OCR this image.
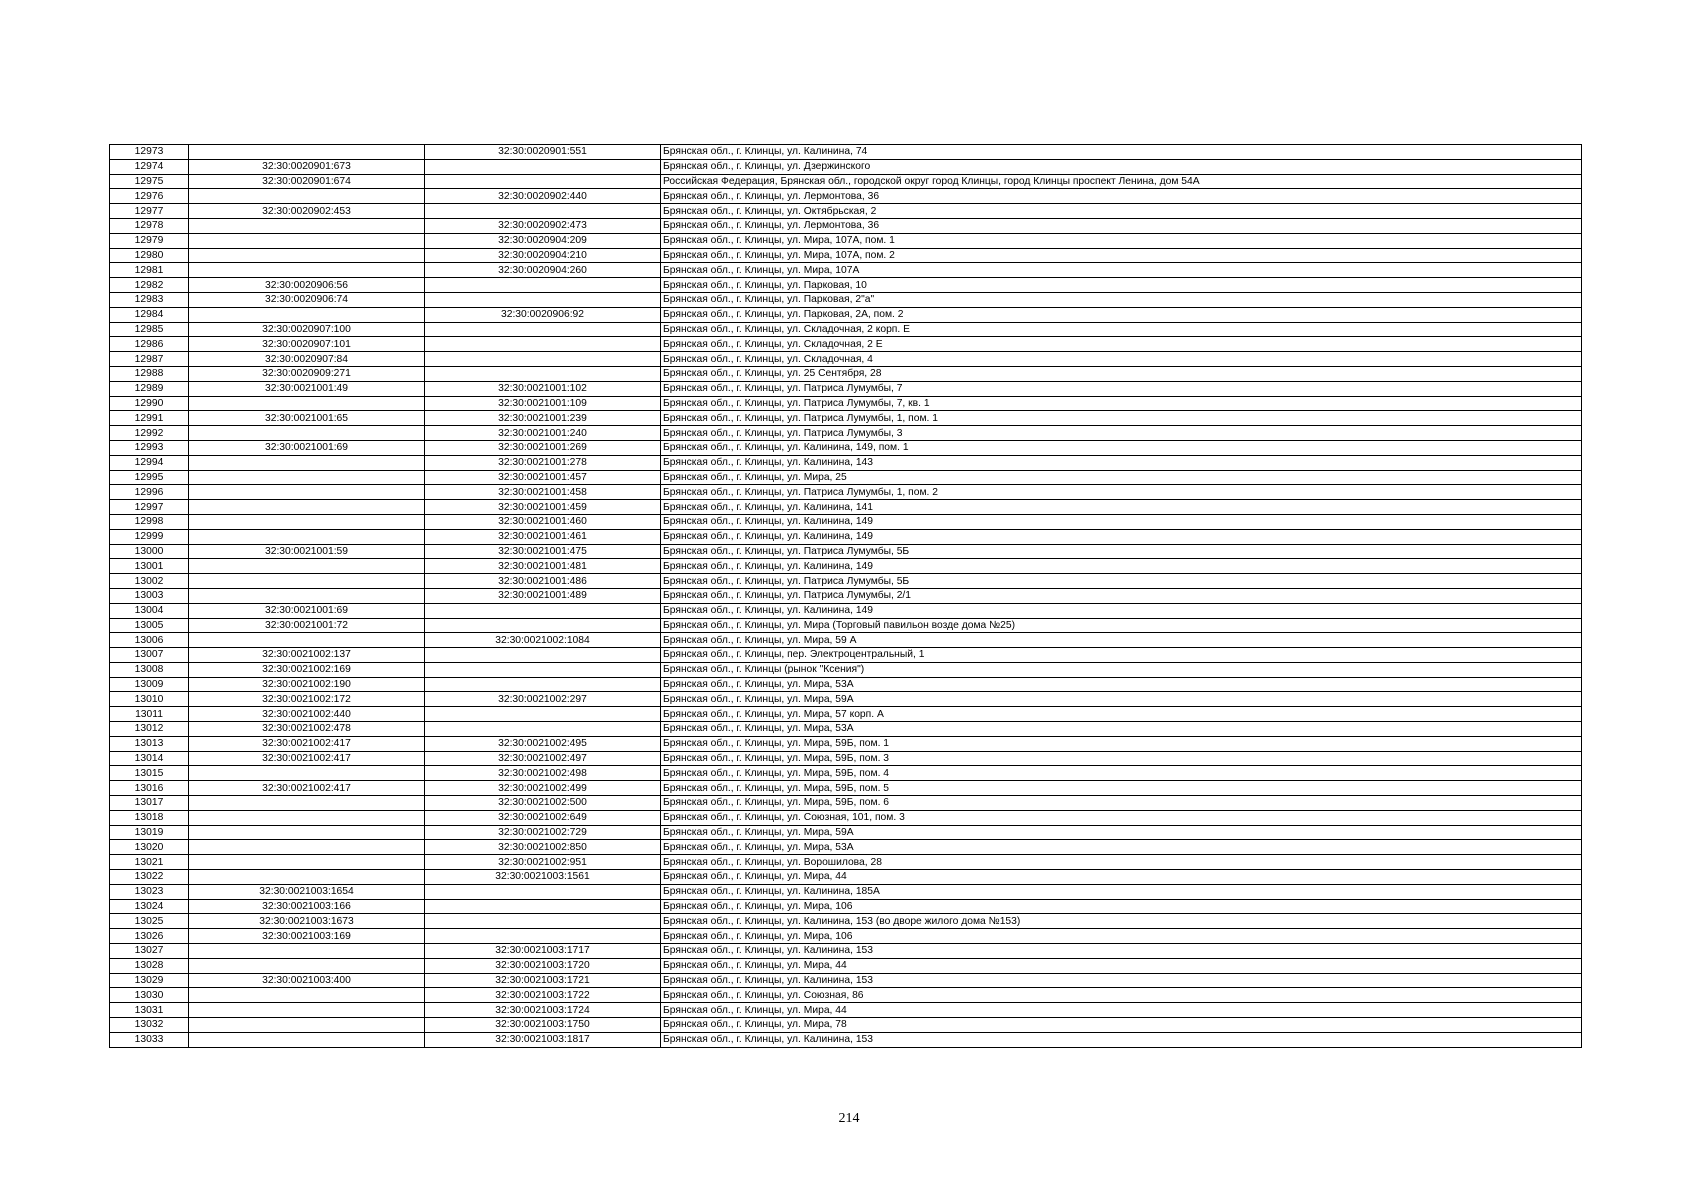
12973		32:30:0020901:551	Брянская обл., г. Клинцы, ул. Калинина, 74
12974	32:30:0020901:673		Брянская обл., г. Клинцы, ул. Дзержинского
12975	32:30:0020901:674		Российская Федерация, Брянская обл., городской округ город Клинцы, город Клинцы проспект Ленина, дом 54А
12976		32:30:0020902:440	Брянская обл., г. Клинцы, ул. Лермонтова, 36
12977	32:30:0020902:453		Брянская обл., г. Клинцы, ул. Октябрьская, 2
12978		32:30:0020902:473	Брянская обл., г. Клинцы, ул. Лермонтова, 36
12979		32:30:0020904:209	Брянская обл., г. Клинцы, ул. Мира, 107А, пом. 1
12980		32:30:0020904:210	Брянская обл., г. Клинцы, ул. Мира, 107А, пом. 2
12981		32:30:0020904:260	Брянская обл., г. Клинцы, ул. Мира, 107А
12982	32:30:0020906:56		Брянская обл., г. Клинцы, ул. Парковая, 10
12983	32:30:0020906:74		Брянская обл., г. Клинцы, ул. Парковая, 2"а"
12984		32:30:0020906:92	Брянская обл., г. Клинцы, ул. Парковая, 2А, пом. 2
12985	32:30:0020907:100		Брянская обл., г. Клинцы, ул. Складочная, 2 корп. Е
12986	32:30:0020907:101		Брянская обл., г. Клинцы, ул. Складочная, 2 Е
12987	32:30:0020907:84		Брянская обл., г. Клинцы, ул. Складочная, 4
12988	32:30:0020909:271		Брянская обл., г. Клинцы, ул. 25 Сентября, 28
12989	32:30:0021001:49	32:30:0021001:102	Брянская обл., г. Клинцы, ул. Патриса Лумумбы, 7
12990		32:30:0021001:109	Брянская обл., г. Клинцы, ул. Патриса Лумумбы, 7, кв. 1
12991	32:30:0021001:65	32:30:0021001:239	Брянская обл., г. Клинцы, ул. Патриса Лумумбы, 1, пом. 1
12992		32:30:0021001:240	Брянская обл., г. Клинцы, ул. Патриса Лумумбы, 3
12993	32:30:0021001:69	32:30:0021001:269	Брянская обл., г. Клинцы, ул. Калинина, 149, пом. 1
12994		32:30:0021001:278	Брянская обл., г. Клинцы, ул. Калинина, 143
12995		32:30:0021001:457	Брянская обл., г. Клинцы, ул. Мира, 25
12996		32:30:0021001:458	Брянская обл., г. Клинцы, ул. Патриса Лумумбы, 1, пом. 2
12997		32:30:0021001:459	Брянская обл., г. Клинцы, ул. Калинина, 141
12998		32:30:0021001:460	Брянская обл., г. Клинцы, ул. Калинина, 149
12999		32:30:0021001:461	Брянская обл., г. Клинцы, ул. Калинина, 149
13000	32:30:0021001:59	32:30:0021001:475	Брянская обл., г. Клинцы, ул. Патриса Лумумбы, 5Б
13001		32:30:0021001:481	Брянская обл., г. Клинцы, ул. Калинина, 149
13002		32:30:0021001:486	Брянская обл., г. Клинцы, ул. Патриса Лумумбы, 5Б
13003		32:30:0021001:489	Брянская обл., г. Клинцы, ул. Патриса Лумумбы, 2/1
13004	32:30:0021001:69		Брянская обл., г. Клинцы, ул. Калинина, 149
13005	32:30:0021001:72		Брянская обл., г. Клинцы, ул. Мира (Торговый павильон возде дома №25)
13006		32:30:0021002:1084	Брянская обл., г. Клинцы, ул. Мира, 59 А
13007	32:30:0021002:137		Брянская обл., г. Клинцы, пер. Электроцентральный, 1
13008	32:30:0021002:169		Брянская обл., г. Клинцы (рынок "Ксения")
13009	32:30:0021002:190		Брянская обл., г. Клинцы, ул. Мира, 53А
13010	32:30:0021002:172	32:30:0021002:297	Брянская обл., г. Клинцы, ул. Мира, 59А
13011	32:30:0021002:440		Брянская обл., г. Клинцы, ул. Мира, 57 корп. А
13012	32:30:0021002:478		Брянская обл., г. Клинцы, ул. Мира, 53А
13013	32:30:0021002:417	32:30:0021002:495	Брянская обл., г. Клинцы, ул. Мира, 59Б, пом. 1
13014	32:30:0021002:417	32:30:0021002:497	Брянская обл., г. Клинцы, ул. Мира, 59Б, пом. 3
13015		32:30:0021002:498	Брянская обл., г. Клинцы, ул. Мира, 59Б, пом. 4
13016	32:30:0021002:417	32:30:0021002:499	Брянская обл., г. Клинцы, ул. Мира, 59Б, пом. 5
13017		32:30:0021002:500	Брянская обл., г. Клинцы, ул. Мира, 59Б, пом. 6
13018		32:30:0021002:649	Брянская обл., г. Клинцы, ул. Союзная, 101, пом. 3
13019		32:30:0021002:729	Брянская обл., г. Клинцы, ул. Мира, 59А
13020		32:30:0021002:850	Брянская обл., г. Клинцы, ул. Мира, 53А
13021		32:30:0021002:951	Брянская обл., г. Клинцы, ул. Ворошилова, 28
13022		32:30:0021003:1561	Брянская обл., г. Клинцы, ул. Мира, 44
13023	32:30:0021003:1654		Брянская обл., г. Клинцы, ул. Калинина, 185А
13024	32:30:0021003:166		Брянская обл., г. Клинцы, ул. Мира, 106
13025	32:30:0021003:1673		Брянская обл., г. Клинцы, ул. Калинина, 153 (во дворе жилого дома №153)
13026	32:30:0021003:169		Брянская обл., г. Клинцы, ул. Мира, 106
13027		32:30:0021003:1717	Брянская обл., г. Клинцы, ул. Калинина, 153
13028		32:30:0021003:1720	Брянская обл., г. Клинцы, ул. Мира, 44
13029	32:30:0021003:400	32:30:0021003:1721	Брянская обл., г. Клинцы, ул. Калинина, 153
13030		32:30:0021003:1722	Брянская обл., г. Клинцы, ул. Союзная, 86
13031		32:30:0021003:1724	Брянская обл., г. Клинцы, ул. Мира, 44
13032		32:30:0021003:1750	Брянская обл., г. Клинцы, ул. Мира, 78
13033		32:30:0021003:1817	Брянская обл., г. Клинцы, ул. Калинина, 153
214
